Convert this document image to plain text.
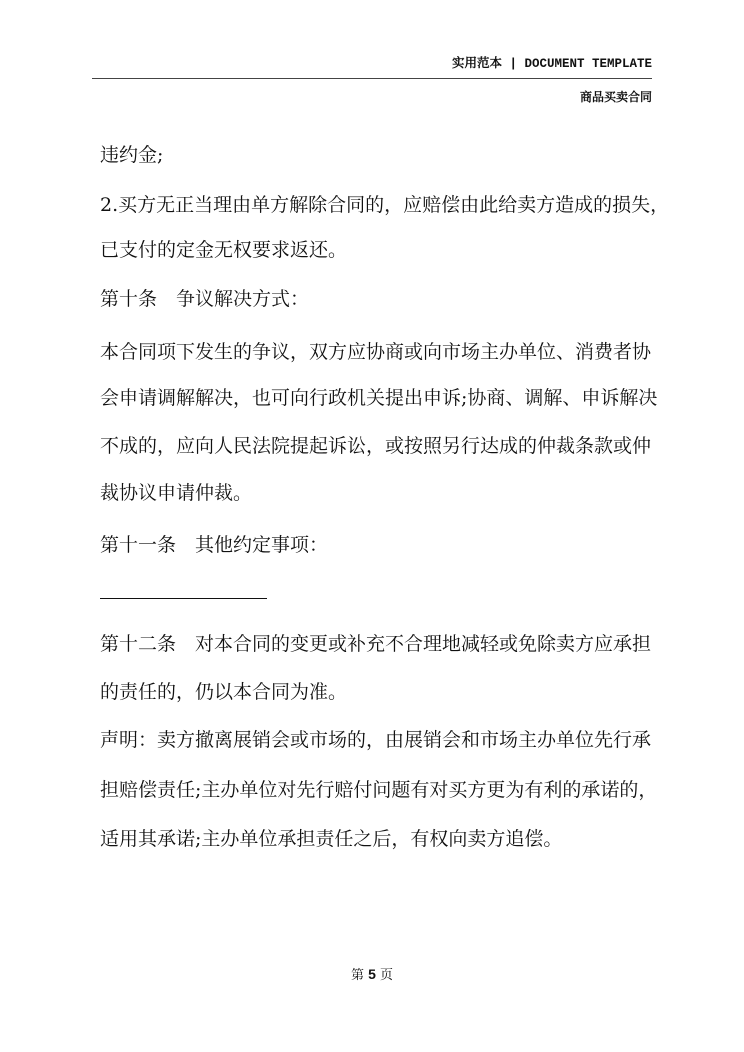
实用范本 | DOCUMENT TEMPLATE
商品买卖合同
违约金;
2.买方无正当理由单方解除合同的，应赔偿由此给卖方造成的损失，
已支付的定金无权要求返还。
第十条　争议解决方式：
本合同项下发生的争议，双方应协商或向市场主办单位、消费者协
会申请调解解决，也可向行政机关提出申诉;协商、调解、申诉解决
不成的，应向人民法院提起诉讼，或按照另行达成的仲裁条款或仲
裁协议申请仲裁。
第十一条　其他约定事项：
第十二条　对本合同的变更或补充不合理地减轻或免除卖方应承担
的责任的，仍以本合同为准。
声明：卖方撤离展销会或市场的，由展销会和市场主办单位先行承
担赔偿责任;主办单位对先行赔付问题有对买方更为有利的承诺的，
适用其承诺;主办单位承担责任之后，有权向卖方追偿。
第 5 页
